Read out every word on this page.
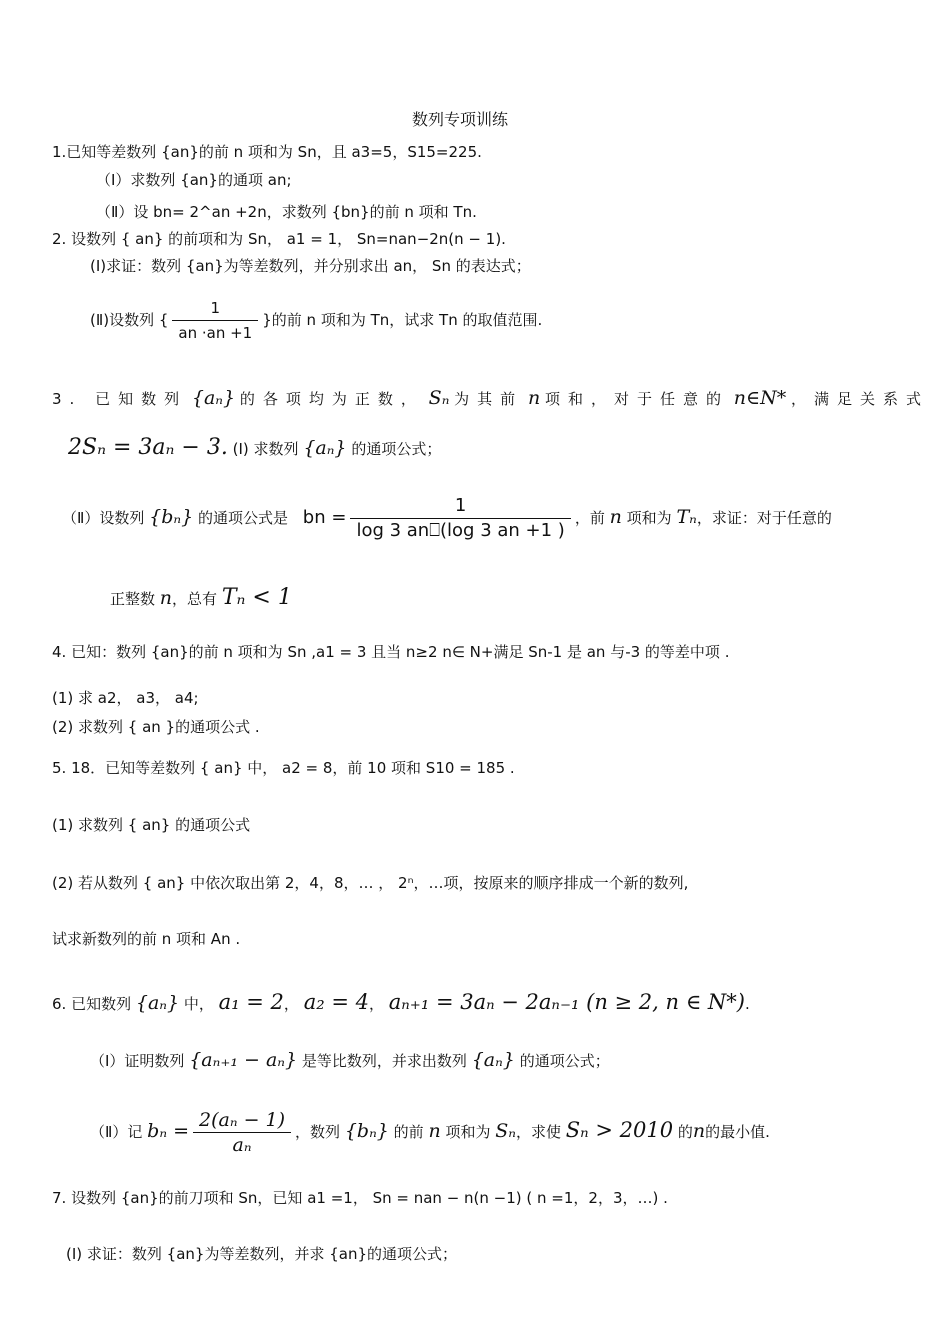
数列专项训练
1.已知等差数列 {an}的前 n 项和为 Sn，且 a3=5，S15=225.
（Ⅰ）求数列 {an}的通项 an;
（Ⅱ）设 bn= 2^an +2n，求数列 {bn}的前 n 项和 Tn.
2. 设数列 { an} 的前项和为 Sn， a1 = 1， Sn=nan−2n(n − 1).
(Ⅰ)求证：数列 {an}为等差数列，并分别求出 an， Sn 的表达式；
(Ⅱ)设数列 { $\frac{1}{an \cdot an +1}$ }的前 n 项和为 Tn，试求 Tn 的取值范围.
3. 已知数列 {aₙ} 的各项均为正数， Sₙ 为其前 n 项和，对于任意的 n∈N* ，满足关系式
2Sₙ = 3aₙ − 3. (Ⅰ) 求数列 {aₙ} 的通项公式；
（Ⅱ）设数列 {bₙ} 的通项公式是 bn = $\frac{1}{\log 3 an⎕(\log 3 an +1 )}$ ，前 n 项和为 Tₙ，求证：对于任意的
正整数 n，总有 Tₙ < 1
4. 已知：数列 {an}的前 n 项和为 Sn ,a1 = 3 且当 n≥2 n∈ N+满足 Sn-1 是 an 与-3 的等差中项 .
(1) 求 a2， a3， a4;
(2) 求数列 { an }的通项公式 .
5. 18．已知等差数列 { an} 中， a2 = 8，前 10 项和 S10 = 185 .
(1) 求数列 { an} 的通项公式
(2) 若从数列 { an} 中依次取出第 2，4，8，… ， 2ⁿ，…项，按原来的顺序排成一个新的数列,
试求新数列的前 n 项和 An .
6. 已知数列 {aₙ} 中， a₁ = 2， a₂ = 4， aₙ₊₁ = 3aₙ − 2aₙ₋₁ (n ≥ 2, n ∈ N*).
（Ⅰ）证明数列 {aₙ₊₁ − aₙ} 是等比数列，并求出数列 {aₙ} 的通项公式；
（Ⅱ）记 $b_n = \frac{\text{2(aₙ − 1)}}{\text{aₙ}}$ ，数列 {bₙ} 的前 n 项和为 Sₙ，求使 Sₙ > 2010 的n的最小值.
7. 设数列 {an}的前刀项和 Sn，已知 a1 =1， Sn = nan − n(n −1) ( n =1，2，3，…) .
(Ⅰ) 求证：数列 {an}为等差数列，并求 {an}的通项公式；
